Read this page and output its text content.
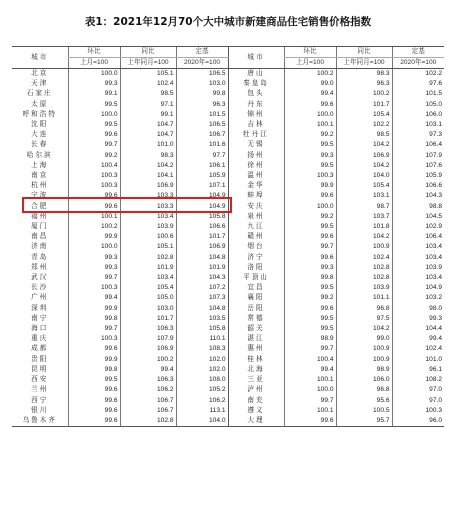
表1：2021年12月70个大中城市新建商品住宅销售价格指数
城市	环比	同比	定基	城市	环比	同比	定基
	上月=100	上年同月=100	2020年=100		上月=100	上年同月=100	2020年=100
北京	100.0	105.1	106.5	唐山	100.2	98.3	102.2
天津	99.3	102.4	103.0	秦皇岛	99.0	96.3	97.6
石家庄	99.1	98.5	99.8	包头	99.4	100.2	101.5
太原	99.5	97.1	96.3	丹东	99.6	101.7	105.0
呼和浩特	100.0	99.1	101.5	锦州	100.0	105.4	106.0
沈阳	99.5	104.7	106.5	吉林	100.1	102.2	103.1
大连	99.6	104.7	106.7	牡丹江	99.2	98.5	97.3
长春	99.7	101.0	101.6	无锡	99.5	104.2	106.4
哈尔滨	99.2	98.3	97.7	扬州	99.3	106.9	107.9
上海	100.4	104.2	106.1	徐州	99.5	104.2	107.6
南京	100.3	104.1	105.9	温州	100.3	104.0	105.9
杭州	100.3	106.9	107.1	金华	99.9	105.4	106.6
宁波	99.6	103.3	104.9	蚌埠	99.6	103.1	104.3
合肥	99.6	103.3	104.9	安庆	100.0	98.7	98.8
福州	100.1	103.4	105.8	泉州	99.2	103.7	104.5
厦门	100.2	103.9	106.6	九江	99.5	101.8	102.9
南昌	99.9	100.6	101.7	赣州	99.6	104.2	106.4
济南	100.0	105.1	106.9	烟台	99.7	100.9	103.4
青岛	99.3	102.8	104.8	济宁	99.6	102.4	103.4
郑州	99.3	101.9	101.9	洛阳	99.3	102.8	103.9
武汉	99.7	103.4	104.3	平顶山	99.8	102.8	103.4
长沙	100.3	105.4	107.2	宜昌	99.5	103.9	104.9
广州	99.4	105.0	107.3	襄阳	99.2	101.1	103.2
深圳	99.9	103.0	104.8	岳阳	99.6	96.8	98.0
南宁	99.8	101.7	103.5	常德	99.5	97.5	99.3
海口	99.7	106.3	105.8	韶关	99.5	104.2	104.4
重庆	100.3	107.9	110.1	湛江	98.9	99.0	99.4
成都	99.6	106.9	108.3	惠州	99.7	100.9	102.4
贵阳	99.9	100.2	102.0	桂林	100.4	100.9	101.0
昆明	99.8	99.4	102.0	北海	99.4	98.9	96.1
西安	99.5	106.3	108.0	三亚	100.1	106.0	108.2
兰州	99.6	106.2	105.2	泸州	100.0	96.8	97.0
西宁	99.6	106.7	106.2	南充	99.7	95.6	97.0
银川	99.6	106.7	113.1	遵义	100.1	100.5	100.3
乌鲁木齐	99.6	102.8	104.0	大理	99.6	95.7	96.0
